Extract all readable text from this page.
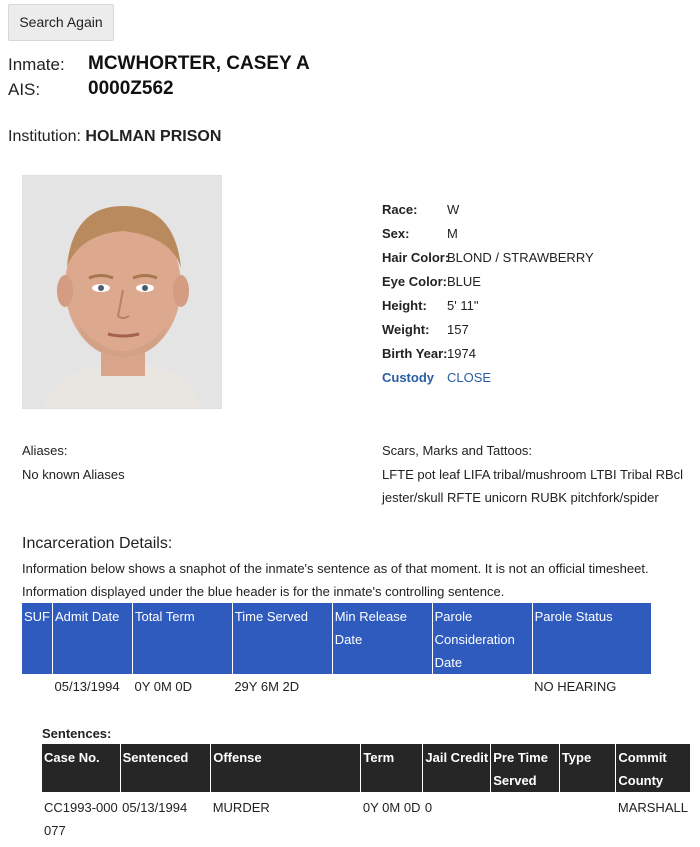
Search Again
Inmate: MCWHORTER, CASEY A
AIS:	0000Z562
Institution: HOLMAN PRISON
Race: W
Sex:	M
Hair Color:
BLOND / STRAWBERRY
Eye Color: BLUE
Height: 5' 11"
Weight: 157
Birth Year: 1974
Custody CLOSE
Aliases:
No known Aliases
Scars, Marks and Tattoos:
LFTE pot leaf LIFA tribal/mushroom LTBI Tribal RBcl
jester/skull RFTE unicorn RUBK pitchfork/spider
Incarceration Details:
Information below shows a snaphot of the inmate's sentence as of that moment. It is not an official timesheet.
Information displayed under the blue header is for the inmate's controlling sentence.
SUF	Admit Date	Total Term	Time Served	Min Release Date	Parole Consideration Date	Parole Status
	05/13/1994	0Y 0M 0D	29Y 6M 2D			NO HEARING
Sentences:
Case No.	Sentenced	Offense	Term	Jail Credit	Pre Time Served	Type	Commit County
CC1993-000077	05/13/1994	MURDER	0Y 0M 0D	0			MARSHALL
